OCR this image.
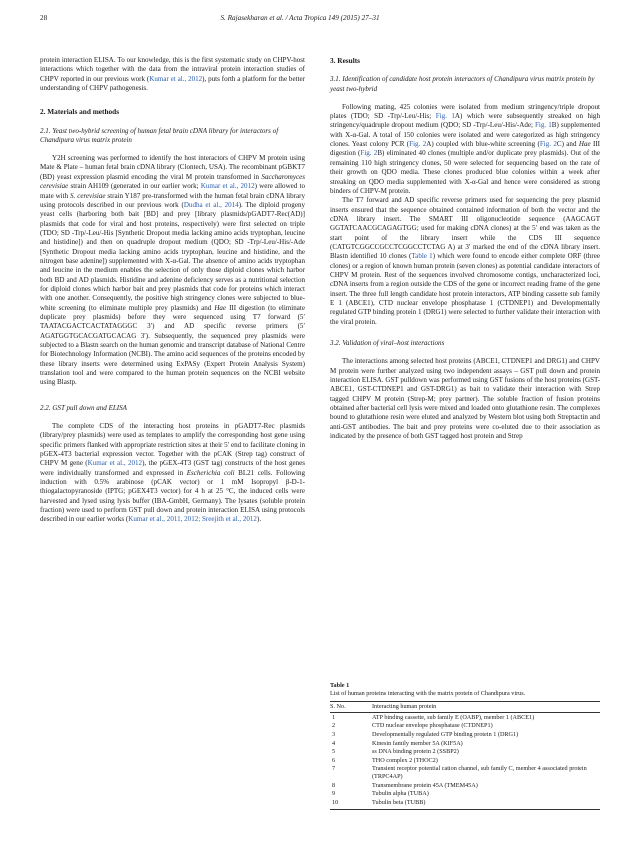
28	S. Rajasekharan et al. / Acta Tropica 149 (2015) 27–31

protein interaction ELISA. To our knowledge, this is the first systematic study on CHPV-host interactions which together with the data from the intraviral protein interaction studies of CHPV reported in our previous work (Kumar et al., 2012), puts forth a platform for the better understanding of CHPV pathogenesis.

2. Materials and methods
2.1. Yeast two-hybrid screening of human fetal brain cDNA library for interactors of Chandipura virus matrix protein

Y2H screening was performed to identify the host interactors of CHPV M protein using Mate & Plate – human fetal brain cDNA library (Clontech, USA). The recombinant pGBKT7 (BD) yeast expression plasmid encoding the viral M protein transformed in Saccharomyces cerevisiae strain AH109 (generated in our earlier work; Kumar et al., 2012) were allowed to mate with S. cerevisiae strain Y187 pre-transformed with the human fetal brain cDNA library using protocols described in our previous work (Dudha et al., 2014). The diploid progeny yeast cells (harboring both bait [BD] and prey [library plasmids/pGADT7-Rec(AD)] plasmids that code for viral and host proteins, respectively) were first selected on triple (TDO; SD -Trp/-Leu/-His [Synthetic Dropout media lacking amino acids tryptophan, leucine and histidine]) and then on quadruple dropout medium (QDO; SD -Trp/-Leu/-His/-Ade [Synthetic Dropout media lacking amino acids tryptophan, leucine and histidine, and the nitrogen base adenine]) supplemented with X-α-Gal. The absence of amino acids tryptophan and leucine in the medium enables the selection of only those diploid clones which harbor both BD and AD plasmids. Histidine and adenine deficiency serves as a nutritional selection for diploid clones which harbor bait and prey plasmids that code for proteins which interact with one another. Consequently, the positive high stringency clones were subjected to blue-white screening (to eliminate multiple prey plasmids) and Hae III digestion (to eliminate duplicate prey plasmids) before they were sequenced using T7 forward (5′ TAATACGACTCACTATAGGGC 3′) and AD specific reverse primers (5′ AGATGGTGCACGATGCACAG 3′). Subsequently, the sequenced prey plasmids were subjected to a Blastn search on the human genomic and transcript database of National Centre for Biotechnology Information (NCBI). The amino acid sequences of the proteins encoded by these library inserts were determined using ExPASy (Expert Protein Analysis System) translation tool and were compared to the human protein sequences on the NCBI website using Blastp.

2.2. GST pull down and ELISA

The complete CDS of the interacting host proteins in pGADT7-Rec plasmids (library/prey plasmids) were used as templates to amplify the corresponding host gene using specific primers flanked with appropriate restriction sites at their 5′ end to facilitate cloning in pGEX-4T3 bacterial expression vector. Together with the pCAK (Strep tag) construct of CHPV M gene (Kumar et al., 2012), the pGEX-4T3 (GST tag) constructs of the host genes were individually transformed and expressed in Escherichia coli BL21 cells. Following induction with 0.5% arabinose (pCAK vector) or 1 mM Isopropyl β-D-1-thiogalactopyranoside (IPTG; pGEX4T3 vector) for 4 h at 25 °C, the induced cells were harvested and lysed using lysis buffer (IBA-GmbH, Germany). The lysates (soluble protein fraction) were used to perform GST pull down and protein interaction ELISA using protocols described in our earlier works (Kumar et al., 2011, 2012; Sreejith et al., 2012).

3. Results
3.1. Identification of candidate host protein interactors of Chandipura virus matrix protein by yeast two-hybrid

Following mating, 425 colonies were isolated from medium stringency/triple dropout plates (TDO; SD -Trp/-Leu/-His; Fig. 1A) which were subsequently streaked on high stringency/quadruple dropout medium (QDO; SD -Trp/-Leu/-His/-Ade; Fig. 1B) supplemented with X-α-Gal. A total of 150 colonies were isolated and were categorized as high stringency clones. Yeast colony PCR (Fig. 2A) coupled with blue-white screening (Fig. 2C) and Hae III digestion (Fig. 2B) eliminated 40 clones (multiple and/or duplicate prey plasmids). Out of the remaining 110 high stringency clones, 50 were selected for sequencing based on the rate of their growth on QDO media. These clones produced blue colonies within a week after streaking on QDO media supplemented with X-α-Gal and hence were considered as strong binders of CHPV-M protein.

The T7 forward and AD specific reverse primers used for sequencing the prey plasmid inserts ensured that the sequence obtained contained information of both the vector and the cDNA library insert. The SMART III oligonucleotide sequence (AAGCAGT GGTATCAACGCAGAGTGG; used for making cDNA clones) at the 5′ end was taken as the start point of the library insert while the CDS III sequence (CATGTCGGCCGCCTCGGCCTCTAG A) at 3′ marked the end of the cDNA library insert. Blastn identified 10 clones (Table 1) which were found to encode either complete ORF (three clones) or a region of known human protein (seven clones) as potential candidate interactors of CHPV M protein. Rest of the sequences involved chromosome contigs, uncharacterized loci, cDNA inserts from a region outside the CDS of the gene or incorrect reading frame of the gene insert. The three full length candidate host protein interactors, ATP binding cassette sub family E 1 (ABCE1), CTD nuclear envelope phosphatase 1 (CTDNEP1) and Developmentally regulated GTP binding protein 1 (DRG1) were selected to further validate their interaction with the viral protein.

3.2. Validation of viral–host interactions

The interactions among selected host proteins (ABCE1, CTDNEP1 and DRG1) and CHPV M protein were further analyzed using two independent assays – GST pull down and protein interaction ELISA. GST pulldown was performed using GST fusions of the host proteins (GST-ABCE1, GST-CTDNEP1 and GST-DRG1) as bait to validate their interaction with Strep tagged CHPV M protein (Strep-M; prey partner). The soluble fraction of fusion proteins obtained after bacterial cell lysis were mixed and loaded onto glutathione resin. The complexes bound to glutathione resin were eluted and analyzed by Western blot using both Streptactin and anti-GST antibodies. The bait and prey proteins were co-eluted due to their association as indicated by the presence of both GST tagged host protein and Strep

Table 1
List of human proteins interacting with the matrix protein of Chandipura virus.
S. No.	Interacting human protein
1	ATP binding cassette, sub family E (OABP), member 1 (ABCE1)
2	CTD nuclear envelope phosphatase (CTDNEP1)
3	Developmentally regulated GTP binding protein 1 (DRG1)
4	Kinesin family member 5A (KIF5A)
5	ss DNA binding protein 2 (SSBP2)
6	THO complex 2 (THOC2)
7	Transient receptor potential cation channel, sub family C, member 4 associated protein (TRPC4AP)
8	Transmembrane protein 45A (TMEM45A)
9	Tubulin alpha (TUBA)
10	Tubulin beta (TUBB)
